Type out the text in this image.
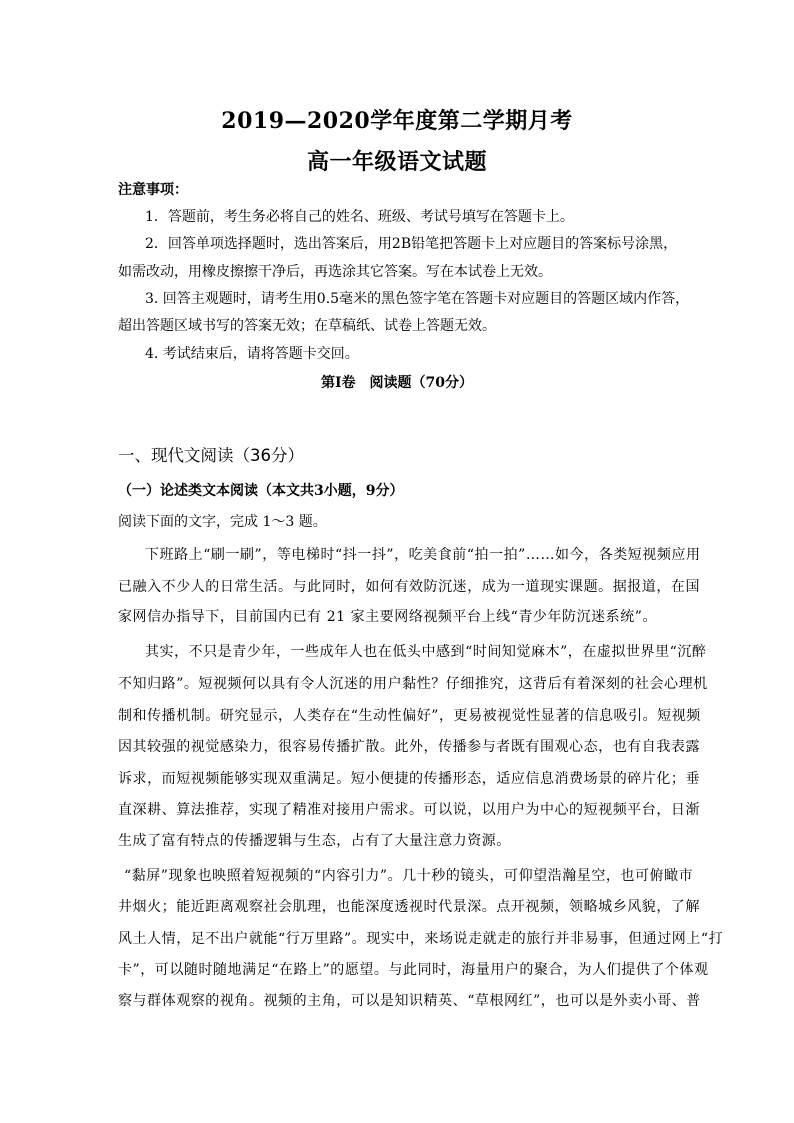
2019—2020学年度第二学期月考
高一年级语文试题
注意事项：
1．答题前，考生务必将自己的姓名、班级、考试号填写在答题卡上。
2．回答单项选择题时，选出答案后，用2B铅笔把答题卡上对应题目的答案标号涂黑，
如需改动，用橡皮擦擦干净后，再选涂其它答案。写在本试卷上无效。
3. 回答主观题时，请考生用0.5毫米的黑色签字笔在答题卡对应题目的答题区域内作答，
超出答题区域书写的答案无效；在草稿纸、试卷上答题无效。
4. 考试结束后，请将答题卡交回。
第Ⅰ卷　阅读题（70分）
一、现代文阅读（36分）
（一）论述类文本阅读（本文共3小题，9分）
阅读下面的文字，完成 1～3 题。
下班路上“刷一刷”，等电梯时“抖一抖”，吃美食前“拍一拍”……如今，各类短视频应用
已融入不少人的日常生活。与此同时，如何有效防沉迷，成为一道现实课题。据报道，在国
家网信办指导下，目前国内已有 21 家主要网络视频平台上线“青少年防沉迷系统”。
其实，不只是青少年，一些成年人也在低头中感到“时间知觉麻木”，在虚拟世界里“沉醉
不知归路”。短视频何以具有令人沉迷的用户黏性？仔细推究，这背后有着深刻的社会心理机
制和传播机制。研究显示，人类存在“生动性偏好”，更易被视觉性显著的信息吸引。短视频
因其较强的视觉感染力，很容易传播扩散。此外，传播参与者既有围观心态，也有自我表露
诉求，而短视频能够实现双重满足。短小便捷的传播形态，适应信息消费场景的碎片化；垂
直深耕、算法推荐，实现了精准对接用户需求。可以说，以用户为中心的短视频平台，日渐
生成了富有特点的传播逻辑与生态，占有了大量注意力资源。
“黏屏”现象也映照着短视频的“内容引力”。几十秒的镜头，可仰望浩瀚星空，也可俯瞰市
井烟火；能近距离观察社会肌理，也能深度透视时代景深。点开视频，领略城乡风貌，了解
风土人情，足不出户就能“行万里路”。现实中，来场说走就走的旅行并非易事，但通过网上“打
卡”，可以随时随地满足“在路上”的愿望。与此同时，海量用户的聚合，为人们提供了个体观
察与群体观察的视角。视频的主角，可以是知识精英、“草根网红”，也可以是外卖小哥、普
